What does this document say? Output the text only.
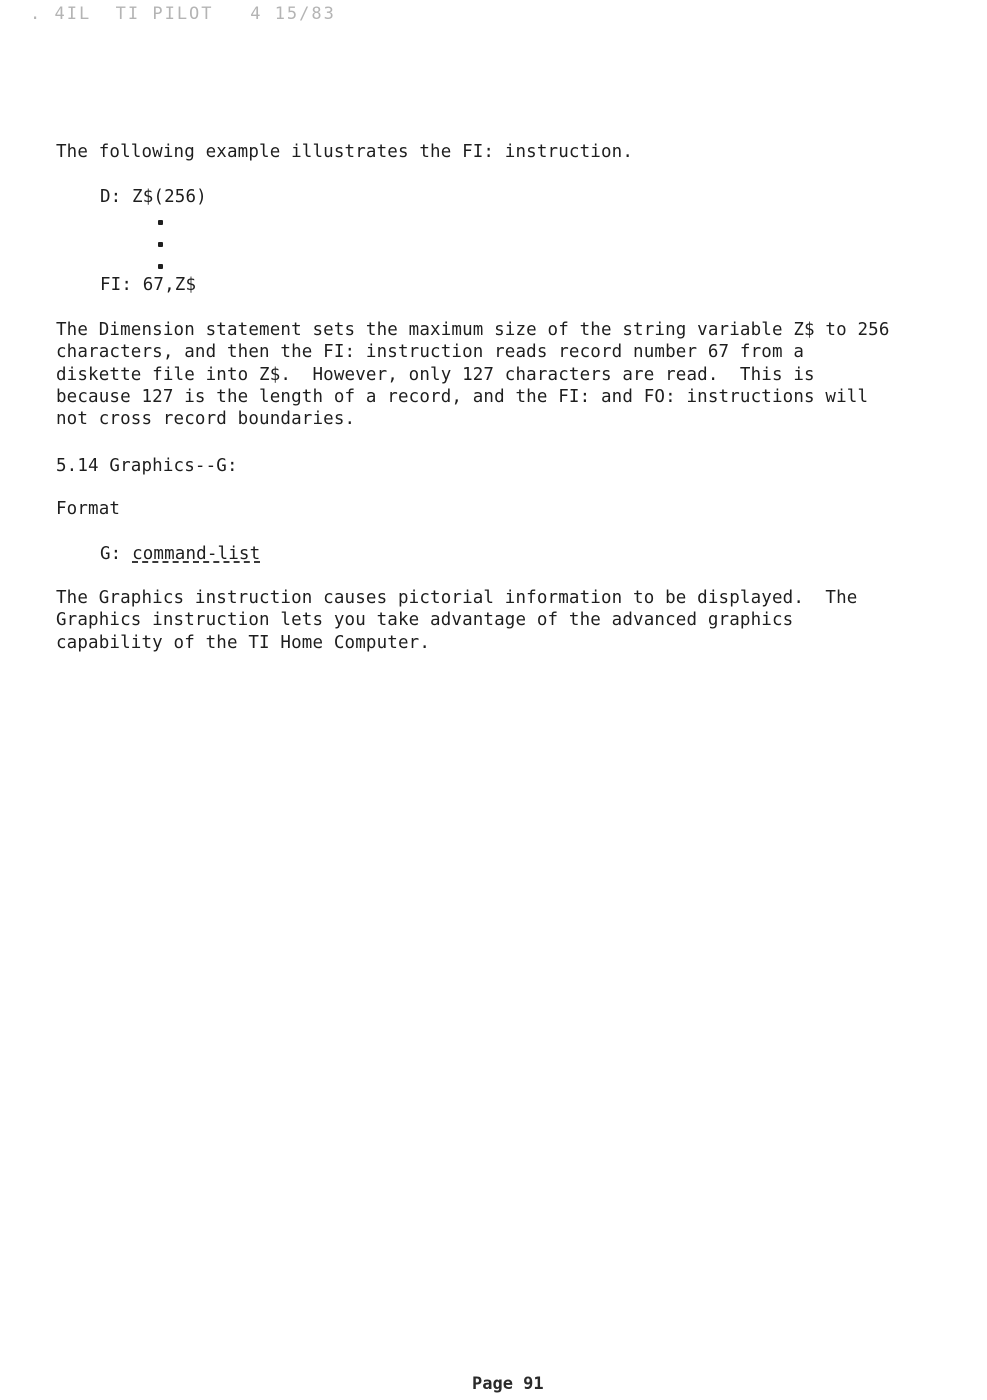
. 4IL  TI PILOT   4 15/83
The following example illustrates the FI: instruction.
D: Z$(256)
FI: 67,Z$
The Dimension statement sets the maximum size of the string variable Z$ to 256
characters, and then the FI: instruction reads record number 67 from a
diskette file into Z$.  However, only 127 characters are read.  This is
because 127 is the length of a record, and the FI: and FO: instructions will
not cross record boundaries.
5.14 Graphics--G:
Format
G: command-list
The Graphics instruction causes pictorial information to be displayed.  The
Graphics instruction lets you take advantage of the advanced graphics
capability of the TI Home Computer.
Page 91
